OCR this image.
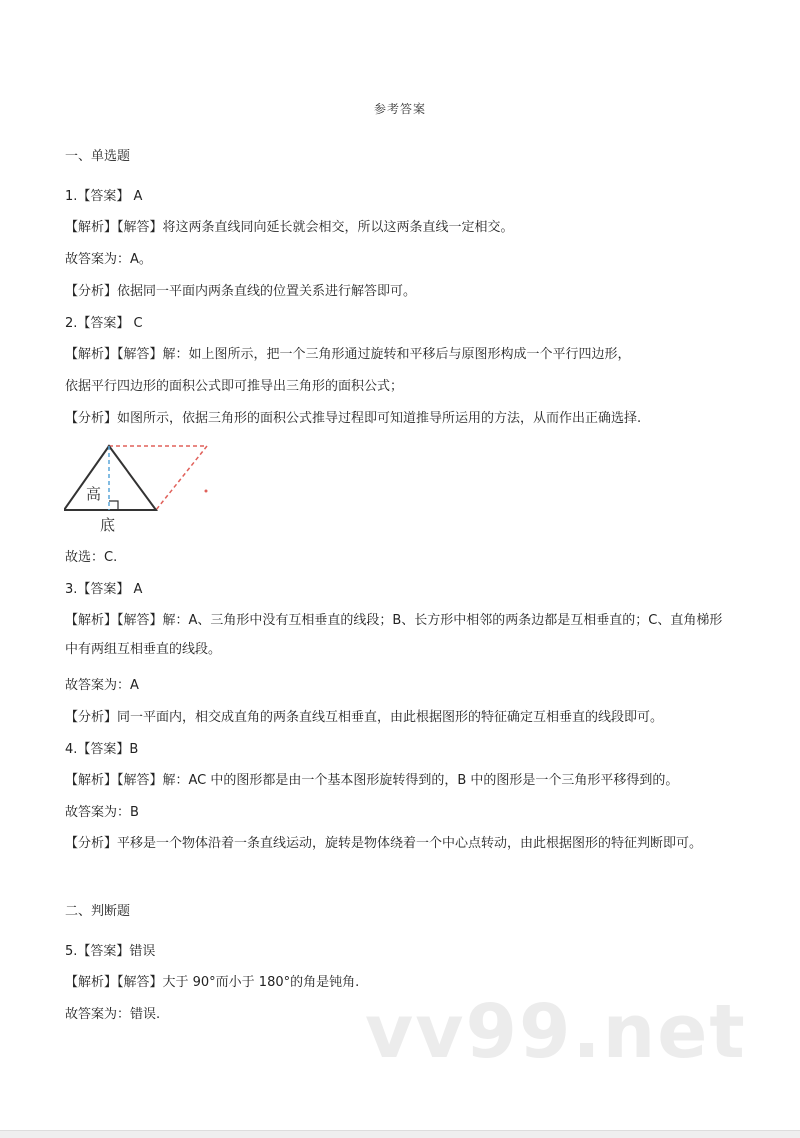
参考答案
一、单选题
1.【答案】 A
【解析】【解答】将这两条直线同向延长就会相交，所以这两条直线一定相交。
故答案为：A。
【分析】依据同一平面内两条直线的位置关系进行解答即可。
2.【答案】 C
【解析】【解答】解：如上图所示，把一个三角形通过旋转和平移后与原图形构成一个平行四边形，
依据平行四边形的面积公式即可推导出三角形的面积公式；
【分析】如图所示，依据三角形的面积公式推导过程即可知道推导所运用的方法，从而作出正确选择.
高
底
故选：C.
3.【答案】 A
【解析】【解答】解：A、三角形中没有互相垂直的线段；B、长方形中相邻的两条边都是互相垂直的；C、直角梯形中有两组互相垂直的线段。
故答案为：A
【分析】同一平面内，相交成直角的两条直线互相垂直，由此根据图形的特征确定互相垂直的线段即可。
4.【答案】B
【解析】【解答】解：AC 中的图形都是由一个基本图形旋转得到的，B 中的图形是一个三角形平移得到的。
故答案为：B
【分析】平移是一个物体沿着一条直线运动，旋转是物体绕着一个中心点转动，由此根据图形的特征判断即可。
二、判断题
5.【答案】错误
【解析】【解答】大于 90°而小于 180°的角是钝角.
故答案为：错误.	vv99.net
